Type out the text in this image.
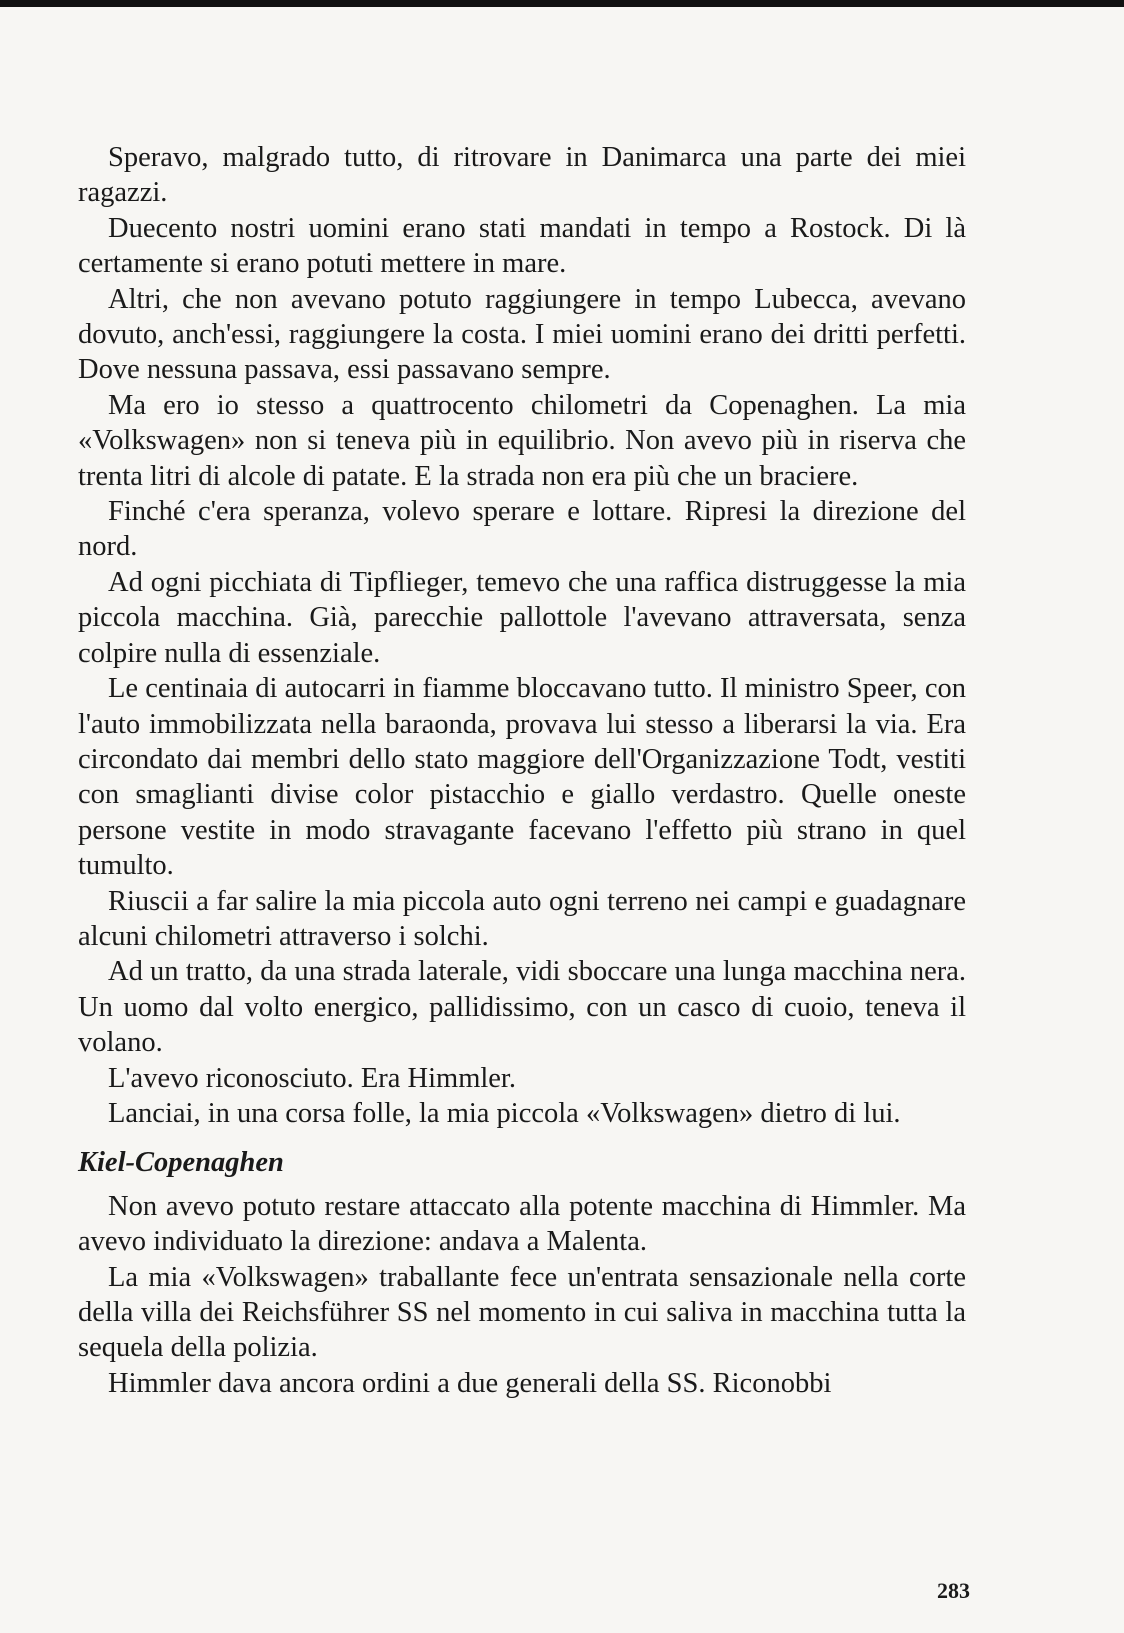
Speravo, malgrado tutto, di ritrovare in Danimarca una parte dei miei ragazzi.

Duecento nostri uomini erano stati mandati in tempo a Rostock. Di là certamente si erano potuti mettere in mare.

Altri, che non avevano potuto raggiungere in tempo Lubecca, avevano dovuto, anch'essi, raggiungere la costa. I miei uomini erano dei dritti perfetti. Dove nessuna passava, essi passavano sempre.

Ma ero io stesso a quattrocento chilometri da Copenaghen. La mia «Volkswagen» non si teneva più in equilibrio. Non avevo più in riserva che trenta litri di alcole di patate. E la strada non era più che un braciere.

Finché c'era speranza, volevo sperare e lottare. Ripresi la direzione del nord.

Ad ogni picchiata di Tipflieger, temevo che una raffica distruggesse la mia piccola macchina. Già, parecchie pallottole l'avevano attraversata, senza colpire nulla di essenziale.

Le centinaia di autocarri in fiamme bloccavano tutto. Il ministro Speer, con l'auto immobilizzata nella baraonda, provava lui stesso a liberarsi la via. Era circondato dai membri dello stato maggiore dell'Organizzazione Todt, vestiti con smaglianti divise color pistacchio e giallo verdastro. Quelle oneste persone vestite in modo stravagante facevano l'effetto più strano in quel tumulto.

Riuscii a far salire la mia piccola auto ogni terreno nei campi e guadagnare alcuni chilometri attraverso i solchi.

Ad un tratto, da una strada laterale, vidi sboccare una lunga macchina nera. Un uomo dal volto energico, pallidissimo, con un casco di cuoio, teneva il volano.

L'avevo riconosciuto. Era Himmler.

Lanciai, in una corsa folle, la mia piccola «Volkswagen» dietro di lui.

Kiel-Copenaghen

Non avevo potuto restare attaccato alla potente macchina di Himmler. Ma avevo individuato la direzione: andava a Malenta.

La mia «Volkswagen» traballante fece un'entrata sensazionale nella corte della villa dei Reichsführer SS nel momento in cui saliva in macchina tutta la sequela della polizia.

Himmler dava ancora ordini a due generali della SS. Riconobbi

283
